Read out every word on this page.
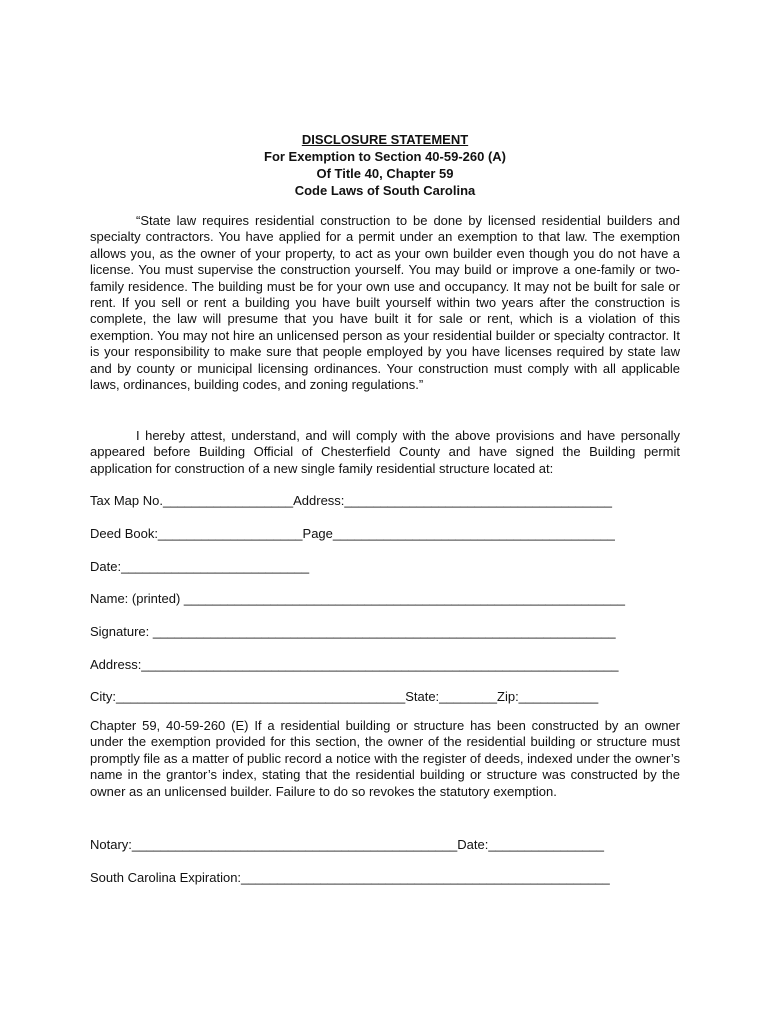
DISCLOSURE STATEMENT
For Exemption to Section 40-59-260 (A)
Of Title 40, Chapter 59
Code Laws of South Carolina
“State law requires residential construction to be done by licensed residential builders and specialty contractors. You have applied for a permit under an exemption to that law. The exemption allows you, as the owner of your property, to act as your own builder even though you do not have a license. You must supervise the construction yourself. You may build or improve a one-family or two-family residence. The building must be for your own use and occupancy. It may not be built for sale or rent. If you sell or rent a building you have built yourself within two years after the construction is complete, the law will presume that you have built it for sale or rent, which is a violation of this exemption. You may not hire an unlicensed person as your residential builder or specialty contractor. It is your responsibility to make sure that people employed by you have licenses required by state law and by county or municipal licensing ordinances. Your construction must comply with all applicable laws, ordinances, building codes, and zoning regulations.”
I hereby attest, understand, and will comply with the above provisions and have personally appeared before Building Official of Chesterfield County and have signed the Building permit application for construction of a new single family residential structure located at:
Tax Map No.__________________Address:_____________________________________
Deed Book:____________________Page_______________________________________
Date:__________________________
Name: (printed) _____________________________________________________________
Signature: ________________________________________________________________
Address:__________________________________________________________________
City:________________________________________State:________Zip:___________
Chapter 59, 40-59-260 (E) If a residential building or structure has been constructed by an owner under the exemption provided for this section, the owner of the residential building or structure must promptly file as a matter of public record a notice with the register of deeds, indexed under the owner’s name in the grantor’s index, stating that the residential building or structure was constructed by the owner as an unlicensed builder. Failure to do so revokes the statutory exemption.
Notary:_____________________________________________Date:________________
South Carolina Expiration:___________________________________________________
